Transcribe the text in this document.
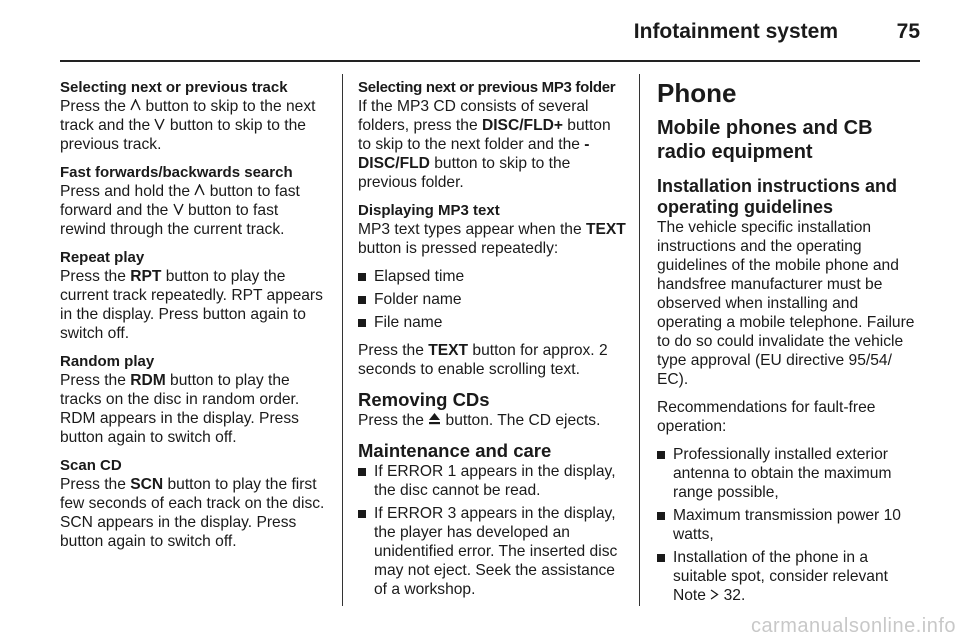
Infotainment system	75

Selecting next or previous track

Press the  button to skip to the next track and the  button to skip to the previous track.

Fast forwards/backwards search

Press and hold the  button to fast forward and the  button to fast rewind through the current track.

Repeat play

Press the RPT button to play the current track repeatedly. RPT appears in the display. Press button again to switch off.

Random play

Press the RDM button to play the tracks on the disc in random order. RDM appears in the display. Press button again to switch off.

Scan CD

Press the SCN button to play the first few seconds of each track on the disc. SCN appears in the display. Press button again to switch off.

Selecting next or previous MP3 folder

If the MP3 CD consists of several folders, press the DISC/FLD+ button to skip to the next folder and the -DISC/FLD button to skip to the previous folder.

Displaying MP3 text

MP3 text types appear when the TEXT button is pressed repeatedly:

Elapsed time
Folder name
File name

Press the TEXT button for approx. 2 seconds to enable scrolling text.

Removing CDs

Press the  button. The CD ejects.

Maintenance and care

If ERROR 1 appears in the display, the disc cannot be read.
If ERROR 3 appears in the display, the player has developed an unidentified error. The inserted disc may not eject. Seek the assistance of a workshop.

Phone

Mobile phones and CB radio equipment

Installation instructions and operating guidelines

The vehicle specific installation instructions and the operating guidelines of the mobile phone and handsfree manufacturer must be observed when installing and operating a mobile telephone. Failure to do so could invalidate the vehicle type approval (EU directive 95/54/ EC).

Recommendations for fault-free operation:

Professionally installed exterior antenna to obtain the maximum range possible,
Maximum transmission power 10 watts,
Installation of the phone in a suitable spot, consider relevant Note  32.
carmanualsonline.info
